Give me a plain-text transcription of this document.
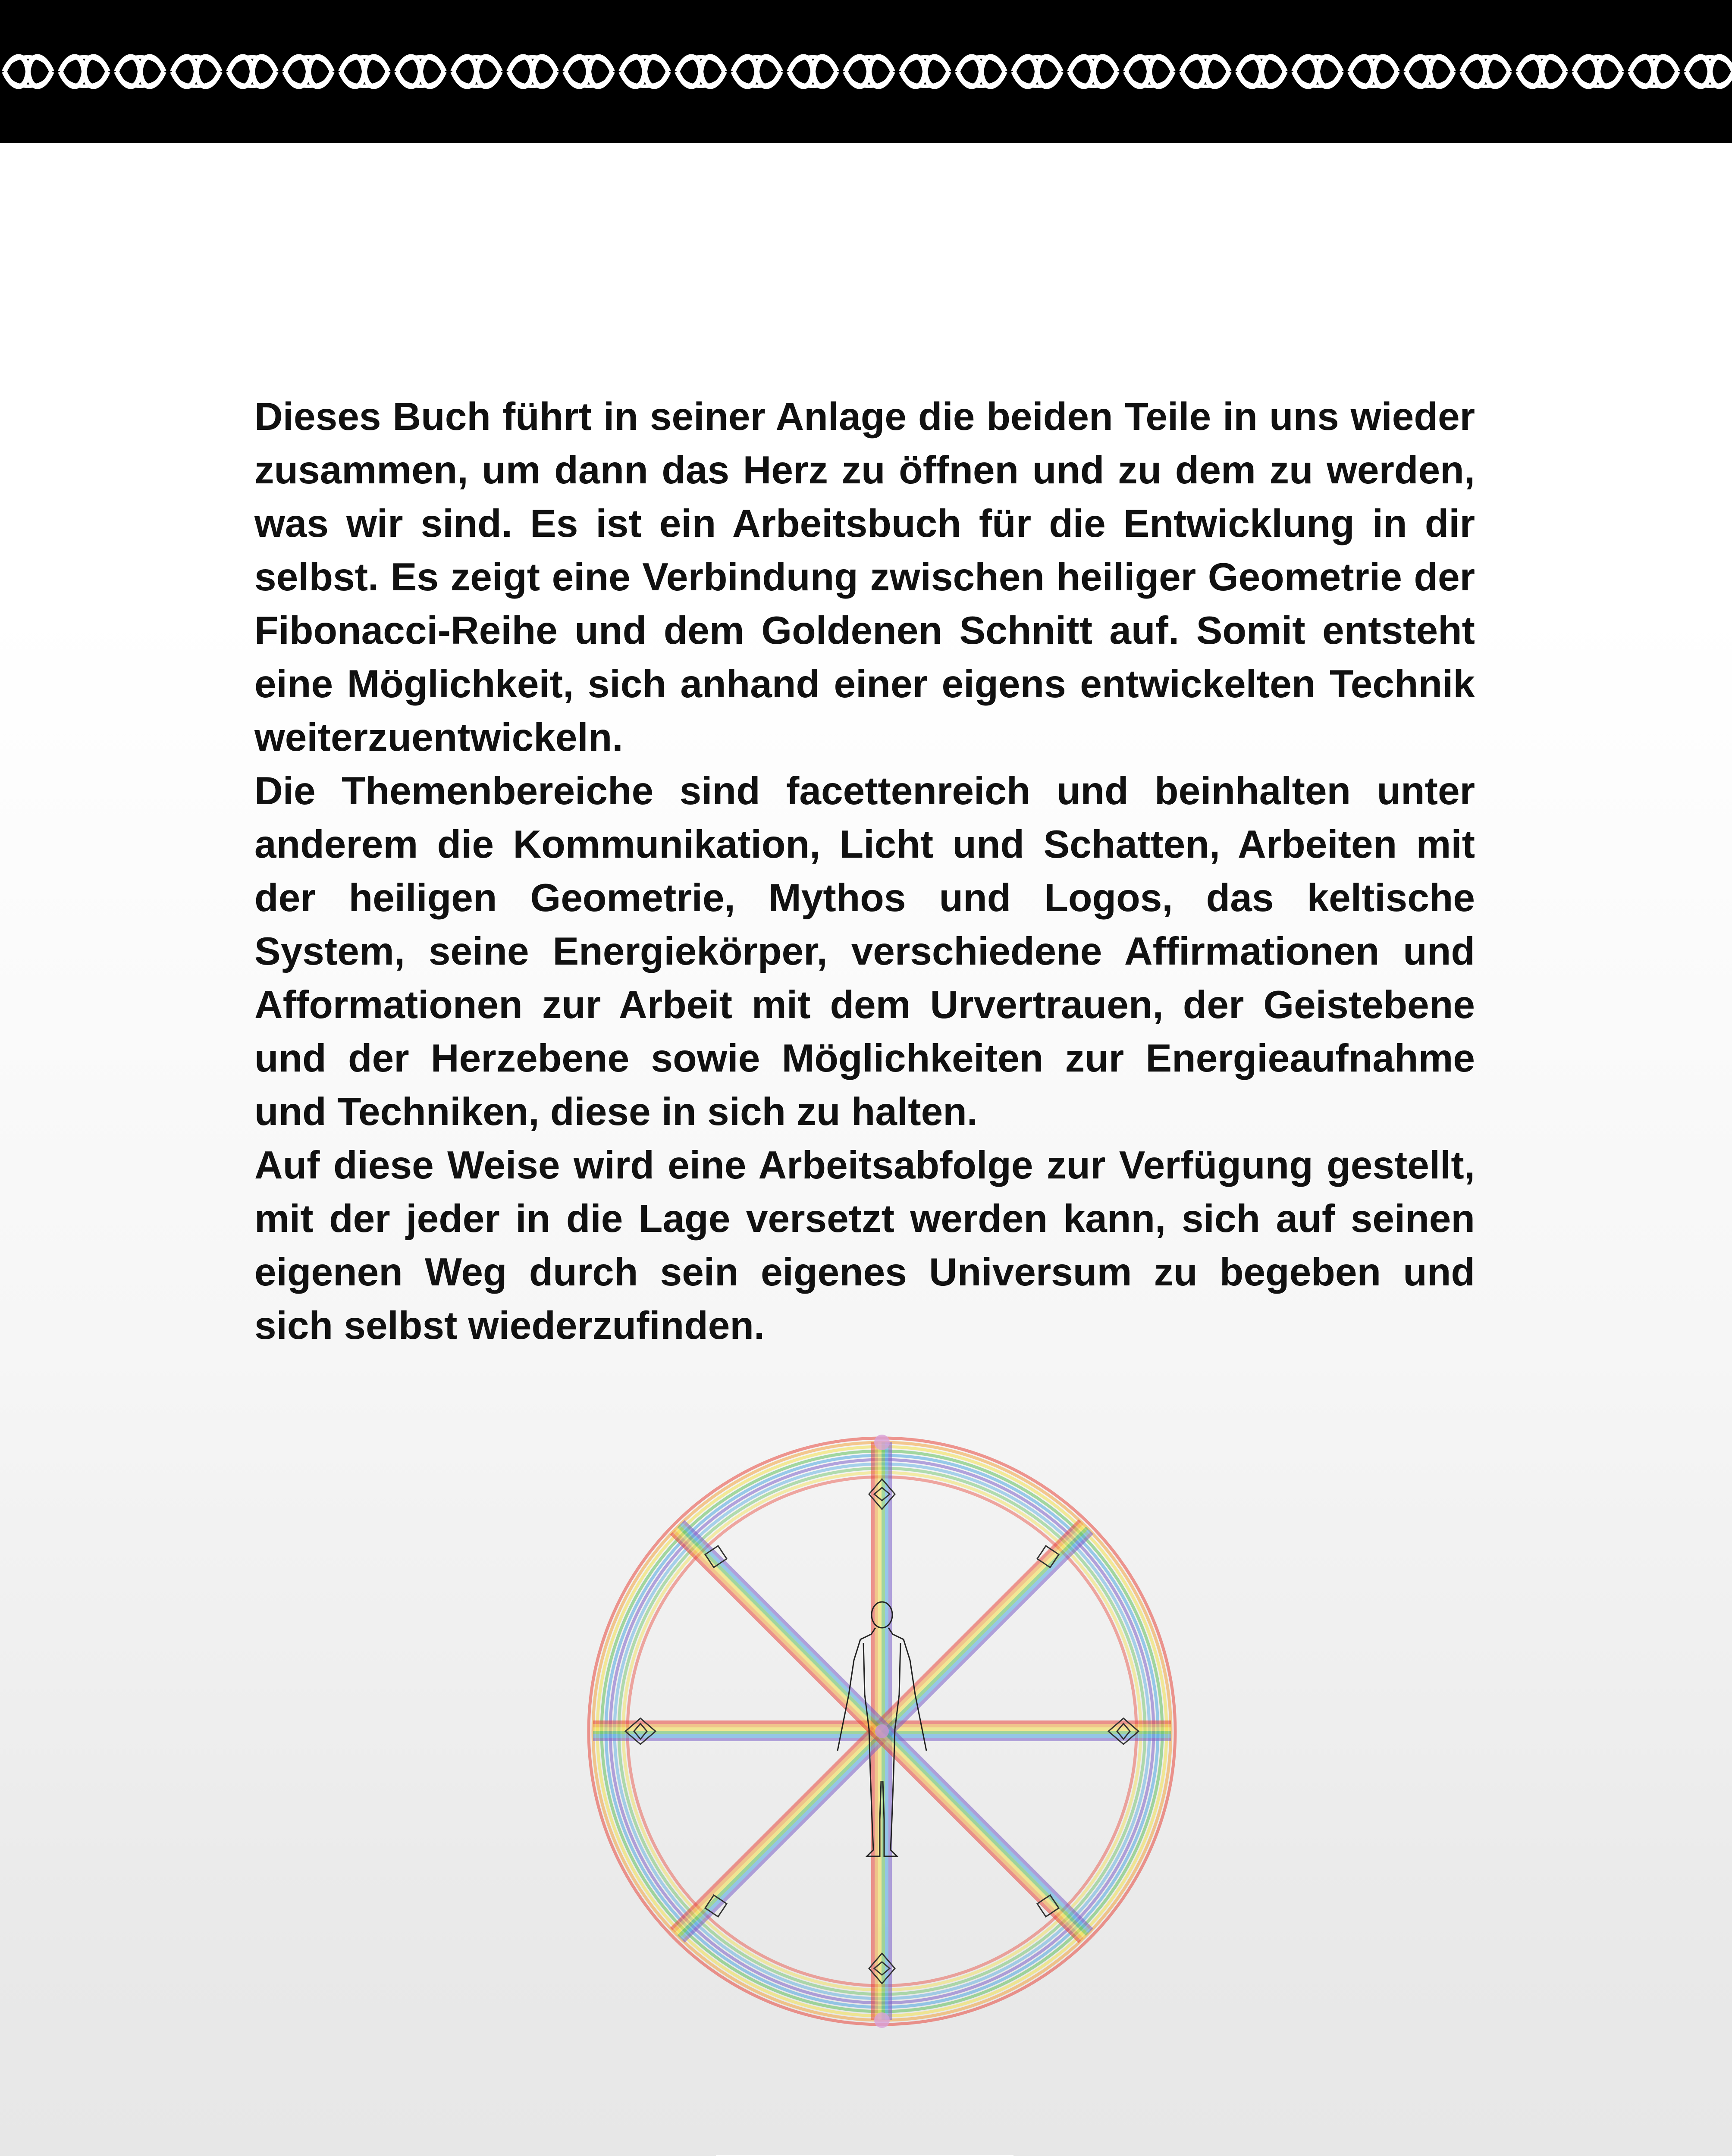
Dieses Buch führt in seiner Anlage die beiden Teile in uns wieder zusammen, um dann das Herz zu öffnen und zu dem zu werden, was wir sind. Es ist ein Arbeitsbuch für die Entwicklung in dir selbst. Es zeigt eine Verbindung zwischen heiliger Geometrie der Fibonacci-Reihe und dem Goldenen Schnitt auf. Somit entsteht eine Möglichkeit, sich anhand einer eigens entwickelten Technik weiterzuentwickeln.

Die Themenbereiche sind facettenreich und beinhalten unter anderem die Kommunikation, Licht und Schatten, Arbeiten mit der heiligen Geometrie, Mythos und Logos, das keltische System, seine Energiekörper, verschiedene Affirmationen und Afformationen zur Arbeit mit dem Urvertrauen, der Geistebene und der Herzebene sowie Möglichkeiten zur Energieaufnahme und Techniken, diese in sich zu halten.

Auf diese Weise wird eine Arbeitsabfolge zur Verfügung gestellt, mit der jeder in die Lage versetzt werden kann, sich auf seinen eigenen Weg durch sein eigenes Universum zu begeben und sich selbst wiederzufinden.
